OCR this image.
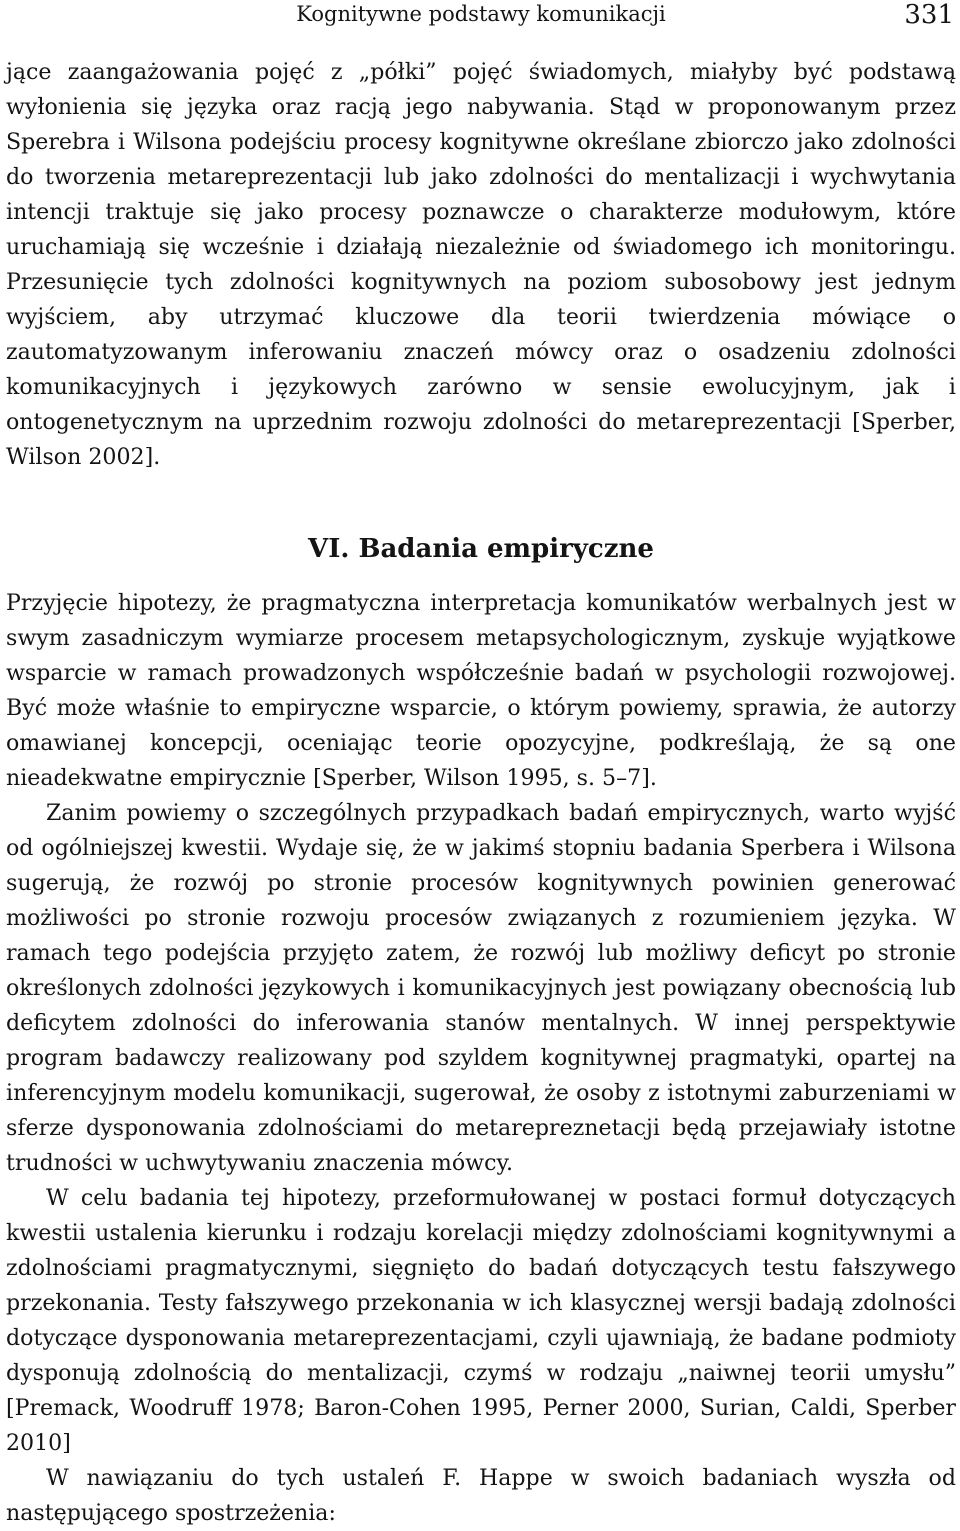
Kognitywne podstawy komunikacji	331

jące zaangażowania pojęć z „półki” pojęć świadomych, miałyby być podstawą wyłonienia się języka oraz racją jego nabywania. Stąd w proponowanym przez Sperebra i Wilsona podejściu procesy kognitywne określane zbiorczo jako zdolności do tworzenia metareprezentacji lub jako zdolności do mentalizacji i wychwytania intencji traktuje się jako procesy poznawcze o charakterze modułowym, które uruchamiają się wcześnie i działają niezależnie od świadomego ich monitoringu. Przesunięcie tych zdolności kognitywnych na poziom subosobowy jest jednym wyjściem, aby utrzymać kluczowe dla teorii twierdzenia mówiące o zautomatyzowanym inferowaniu znaczeń mówcy oraz o osadzeniu zdolności komunikacyjnych i językowych zarówno w sensie ewolucyjnym, jak i ontogenetycznym na uprzednim rozwoju zdolności do metareprezentacji [Sperber, Wilson 2002].

VI. Badania empiryczne

Przyjęcie hipotezy, że pragmatyczna interpretacja komunikatów werbalnych jest w swym zasadniczym wymiarze procesem metapsychologicznym, zyskuje wyjątkowe wsparcie w ramach prowadzonych współcześnie badań w psychologii rozwojowej. Być może właśnie to empiryczne wsparcie, o którym powiemy, sprawia, że autorzy omawianej koncepcji, oceniając teorie opozycyjne, podkreślają, że są one nieadekwatne empirycznie [Sperber, Wilson 1995, s. 5–7].

Zanim powiemy o szczególnych przypadkach badań empirycznych, warto wyjść od ogólniejszej kwestii. Wydaje się, że w jakimś stopniu badania Sperbera i Wilsona sugerują, że rozwój po stronie procesów kognitywnych powinien generować możliwości po stronie rozwoju procesów związanych z rozumieniem języka. W ramach tego podejścia przyjęto zatem, że rozwój lub możliwy deficyt po stronie określonych zdolności językowych i komunikacyjnych jest powiązany obecnością lub deficytem zdolności do inferowania stanów mentalnych. W innej perspektywie program badawczy realizowany pod szyldem kognitywnej pragmatyki, opartej na inferencyjnym modelu komunikacji, sugerował, że osoby z istotnymi zaburzeniami w sferze dysponowania zdolnościami do metarepreznetacji będą przejawiały istotne trudności w uchwytywaniu znaczenia mówcy.

W celu badania tej hipotezy, przeformułowanej w postaci formuł dotyczących kwestii ustalenia kierunku i rodzaju korelacji między zdolnościami kognitywnymi a zdolnościami pragmatycznymi, sięgnięto do badań dotyczących testu fałszywego przekonania. Testy fałszywego przekonania w ich klasycznej wersji badają zdolności dotyczące dysponowania metareprezentacjami, czyli ujawniają, że badane podmioty dysponują zdolnością do mentalizacji, czymś w rodzaju „naiwnej teorii umysłu” [Premack, Woodruff 1978; Baron-Cohen 1995, Perner 2000, Surian, Caldi, Sperber 2010]

W nawiązaniu do tych ustaleń F. Happe w swoich badaniach wyszła od następującego spostrzeżenia:
